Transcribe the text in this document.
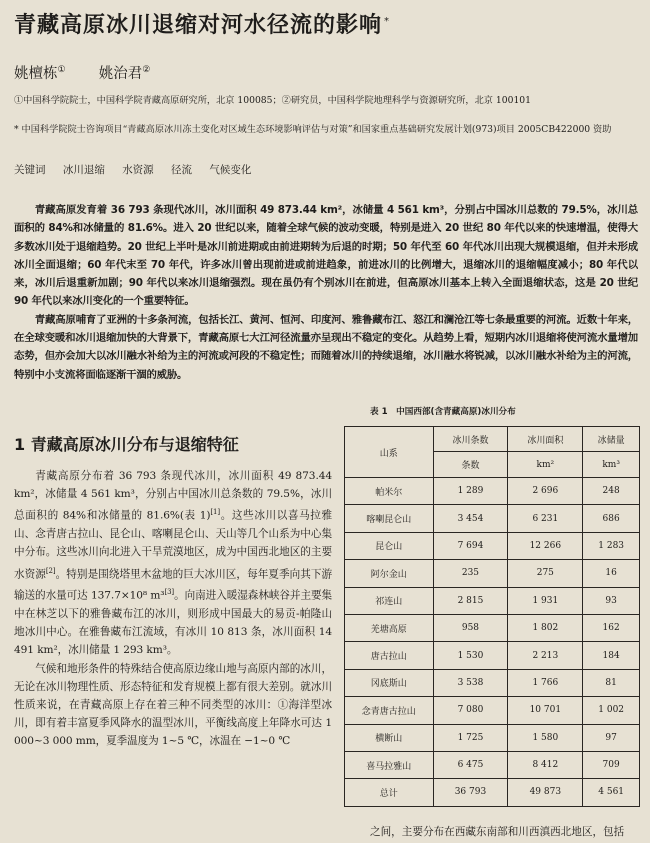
青藏高原冰川退缩对河水径流的影响 *
姚檀栋① 姚治君②
①中国科学院院士，中国科学院青藏高原研究所，北京 100085；②研究员，中国科学院地理科学与资源研究所，北京 100101
* 中国科学院院士咨询项目“青藏高原冰川冻土变化对区域生态环境影响评估与对策”和国家重点基础研究发展计划(973)项目 2005CB422000 资助
关键词 冰川退缩 水资源 径流 气候变化

青藏高原发育着 36 793 条现代冰川，冰川面积 49 873.44 km²，冰储量 4 561 km³，分别占中国冰川总数的 79.5%，冰川总面积的 84%和冰储量的 81.6%。进入 20 世纪以来，随着全球气候的波动变暖，特别是进入 20 世纪 80 年代以来的快速增温，使得大多数冰川处于退缩趋势。20 世纪上半叶是冰川前进期或由前进期转为后退的时期；50 年代至 60 年代冰川出现大规模退缩，但并未形成冰川全面退缩；60 年代末至 70 年代，许多冰川曾出现前进或前进趋象，前进冰川的比例增大，退缩冰川的退缩幅度减小；80 年代以来，冰川后退重新加剧；90 年代以来冰川退缩强烈。现在虽仍有个别冰川在前进，但高原冰川基本上转入全面退缩状态，这是 20 世纪 90 年代以来冰川变化的一个重要特征。

青藏高原哺育了亚洲的十多条河流，包括长江、黄河、恒河、印度河、雅鲁藏布江、怒江和澜沧江等七条最重要的河流。近数十年来，在全球变暖和冰川退缩加快的大背景下，青藏高原七大江河径流量亦呈现出不稳定的变化。从趋势上看，短期内冰川退缩将使河流水量增加态势，但亦会加大以冰川融水补给为主的河流或河段的不稳定性；而随着冰川的持续退缩，冰川融水将锐减，以冰川融水补给为主的河流，特别中小支流将面临逐渐干涸的威胁。

1 青藏高原冰川分布与退缩特征

青藏高原分布着 36 793 条现代冰川，冰川面积 49 873.44 km²，冰储量 4 561 km³，分别占中国冰川总条数的 79.5%，冰川总面积的 84%和冰储量的 81.6%(表 1)[1]。这些冰川以喜马拉雅山、念青唐古拉山、昆仑山、喀喇昆仑山、天山等几个山系为中心集中分布。这些冰川向北进入干旱荒漠地区，成为中国西北地区的主要水资源[2]。特别是围绕塔里木盆地的巨大冰川区，每年夏季向其下游输送的水量可达 137.7×10⁸ m³[3]。向南进入暖湿森林峡谷并主要集中在林芝以下的雅鲁藏布江的冰川，则形成中国最大的易贡-帕隆山地冰川中心。在雅鲁藏布江流域，有冰川 10 813 条，冰川面积 14 491 km²，冰川储量 1 293 km³。

气候和地形条件的特殊结合使高原边缘山地与高原内部的冰川，无论在冰川物理性质、形态特征和发育规模上都有很大差别。就冰川性质来说，在青藏高原上存在着三种不同类型的冰川：①海洋型冰川，即有着丰富夏季风降水的温型冰川，平衡线高度上年降水可达 1 000~3 000 mm，夏季温度为 1~5 ℃，冰温在 −1~0 ℃

表 1　中国西部(含青藏高原)冰川分布
山系	冰川条数	冰川面积	冰储量
	条数	km²	km³
帕米尔	1 289	2 696	248
喀喇昆仑山	3 454	6 231	686
昆仑山	7 694	12 266	1 283
阿尔金山	235	275	16
祁连山	2 815	1 931	93
羌塘高原	958	1 802	162
唐古拉山	1 530	2 213	184
冈底斯山	3 538	1 766	81
念青唐古拉山	7 080	10 701	1 002
横断山	1 725	1 580	97
喜马拉雅山	6 475	8 412	709
总计	36 793	49 873	4 561
之间，主要分布在西藏东南部和川西滇西北地区，包括
